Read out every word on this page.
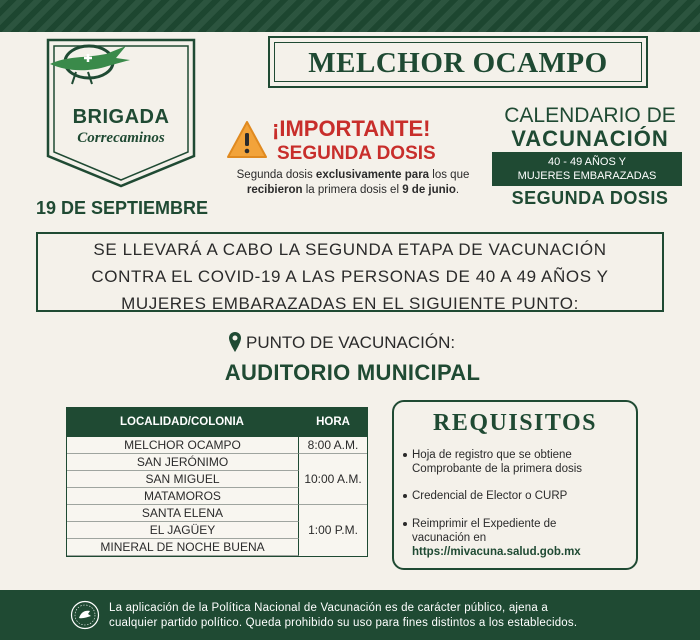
BRIGADA
Correcaminos
19 DE SEPTIEMBRE
MELCHOR OCAMPO
¡IMPORTANTE!
SEGUNDA DOSIS
Segunda dosis exclusivamente para los que
recibieron la primera dosis el 9 de junio.
CALENDARIO DE
VACUNACIÓN
40 - 49 AÑOS Y
MUJERES EMBARAZADAS
SEGUNDA DOSIS

SE LLEVARÁ A CABO LA SEGUNDA ETAPA DE VACUNACIÓN

CONTRA EL COVID-19 A LAS PERSONAS DE 40 A 49 AÑOS Y

MUJERES EMBARAZADAS EN EL SIGUIENTE PUNTO:

PUNTO DE VACUNACIÓN:
AUDITORIO MUNICIPAL
LOCALIDAD/COLONIA	HORA
MELCHOR OCAMPO
SAN JERÓNIMO
SAN MIGUEL
MATAMOROS
SANTA ELENA
EL JAGÜEY
MINERAL DE NOCHE BUENA
8:00 A.M.
10:00 A.M.
1:00 P.M.
REQUISITOS
Hoja de registro que se obtiene
Comprobante de la primera dosis
Credencial de Elector o CURP
Reimprimir el Expediente de
vacunación en
https://mivacuna.salud.gob.mx
La aplicación de la Política Nacional de Vacunación es de carácter público, ajena a
cualquier partido político. Queda prohibido su uso para fines distintos a los establecidos.
